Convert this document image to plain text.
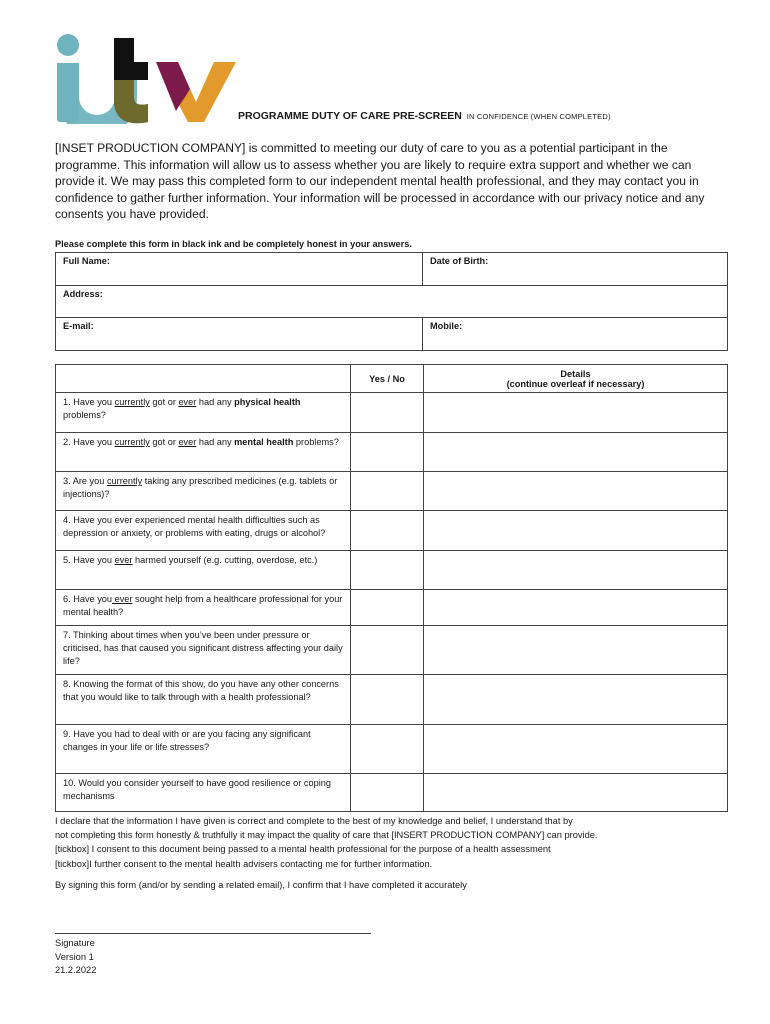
PROGRAMME DUTY OF CARE PRE-SCREEN IN CONFIDENCE (WHEN COMPLETED)
[INSET PRODUCTION COMPANY] is committed to meeting our duty of care to you as a potential participant in the programme. This information will allow us to assess whether you are likely to require extra support and whether we can provide it. We may pass this completed form to our independent mental health professional, and they may contact you in confidence to gather further information. Your information will be processed in accordance with our privacy notice and any consents you have provided.
Please complete this form in black ink and be completely honest in your answers.
Full Name:	Date of Birth:
Address:	
E-mail:	Mobile:
	Yes / No	Details
(continue overleaf if necessary)
1. Have you currently got or ever had any physical health problems?		
2. Have you currently got or ever had any mental health problems?		
3. Are you currently taking any prescribed medicines (e.g. tablets or injections)?		
4. Have you ever experienced mental health difficulties such as depression or anxiety, or problems with eating, drugs or alcohol?		
5. Have you ever harmed yourself (e.g. cutting, overdose, etc.)		
6. Have you ever sought help from a healthcare professional for your mental health?		
7. Thinking about times when you’ve been under pressure or criticised, has that caused you significant distress affecting your daily life?		
8. Knowing the format of this show, do you have any other concerns that you would like to talk through with a health professional?		
9. Have you had to deal with or are you facing any significant changes in your life or life stresses?		
10. Would you consider yourself to have good resilience or coping mechanisms		
I declare that the information I have given is correct and complete to the best of my knowledge and belief, I understand that by
not completing this form honestly & truthfully it may impact the quality of care that [INSERT PRODUCTION COMPANY] can provide.
[tickbox] I consent to this document being passed to a mental health professional for the purpose of a health assessment
[tickbox]I further consent to the mental health advisers contacting me for further information.
By signing this form (and/or by sending a related email), I confirm that I have completed it accurately
Signature
Version 1
21.2.2022
